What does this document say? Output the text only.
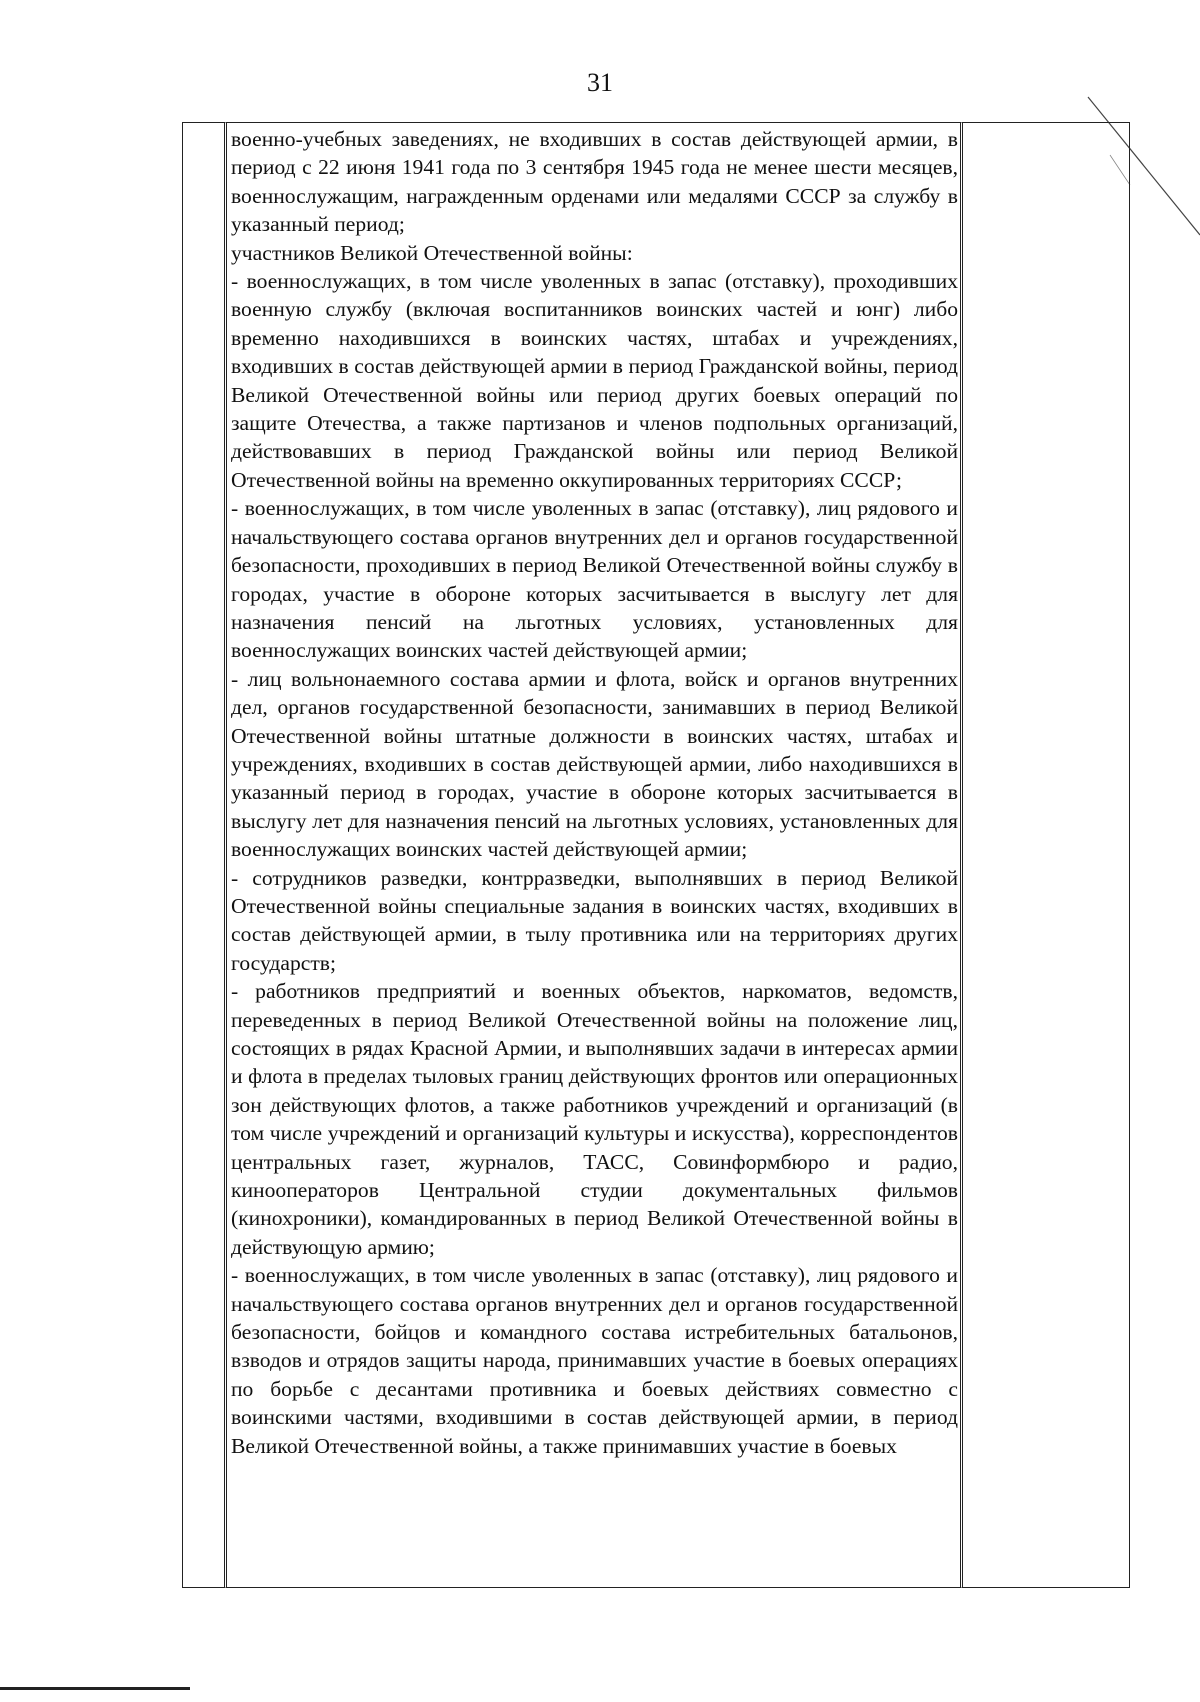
31

военно-учебных заведениях, не входивших в состав действующей армии, в период с 22 июня 1941 года по 3 сентября 1945 года не менее шести месяцев, военнослужащим, награжденным орденами или медалями СССР за службу в указанный период;

участников Великой Отечественной войны:

- военнослужащих, в том числе уволенных в запас (отставку), проходивших военную службу (включая воспитанников воинских частей и юнг) либо временно находившихся в воинских частях, штабах и учреждениях, входивших в состав действующей армии в период Гражданской войны, период Великой Отечественной войны или период других боевых операций по защите Отечества, а также партизанов и членов подпольных организаций, действовавших в период Гражданской войны или период Великой Отечественной войны на временно оккупированных территориях СССР;

- военнослужащих, в том числе уволенных в запас (отставку), лиц рядового и начальствующего состава органов внутренних дел и органов государственной безопасности, проходивших в период Великой Отечественной войны службу в городах, участие в обороне которых засчитывается в выслугу лет для назначения пенсий на льготных условиях, установленных для военнослужащих воинских частей действующей армии;

- лиц вольнонаемного состава армии и флота, войск и органов внутренних дел, органов государственной безопасности, занимавших в период Великой Отечественной войны штатные должности в воинских частях, штабах и учреждениях, входивших в состав действующей армии, либо находившихся в указанный период в городах, участие в обороне которых засчитывается в выслугу лет для назначения пенсий на льготных условиях, установленных для военнослужащих воинских частей действующей армии;

- сотрудников разведки, контрразведки, выполнявших в период Великой Отечественной войны специальные задания в воинских частях, входивших в состав действующей армии, в тылу противника или на территориях других государств;

- работников предприятий и военных объектов, наркоматов, ведомств, переведенных в период Великой Отечественной войны на положение лиц, состоящих в рядах Красной Армии, и выполнявших задачи в интересах армии и флота в пределах тыловых границ действующих фронтов или операционных зон действующих флотов, а также работников учреждений и организаций (в том числе учреждений и организаций культуры и искусства), корреспондентов центральных газет, журналов, ТАСС, Совинформбюро и радио, кинооператоров Центральной студии документальных фильмов (кинохроники), командированных в период Великой Отечественной войны в действующую армию;

- военнослужащих, в том числе уволенных в запас (отставку), лиц рядового и начальствующего состава органов внутренних дел и органов государственной безопасности, бойцов и командного состава истребительных батальонов, взводов и отрядов защиты народа, принимавших участие в боевых операциях по борьбе с десантами противника и боевых действиях совместно с воинскими частями, входившими в состав действующей армии, в период Великой Отечественной войны, а также принимавших участие в боевых
